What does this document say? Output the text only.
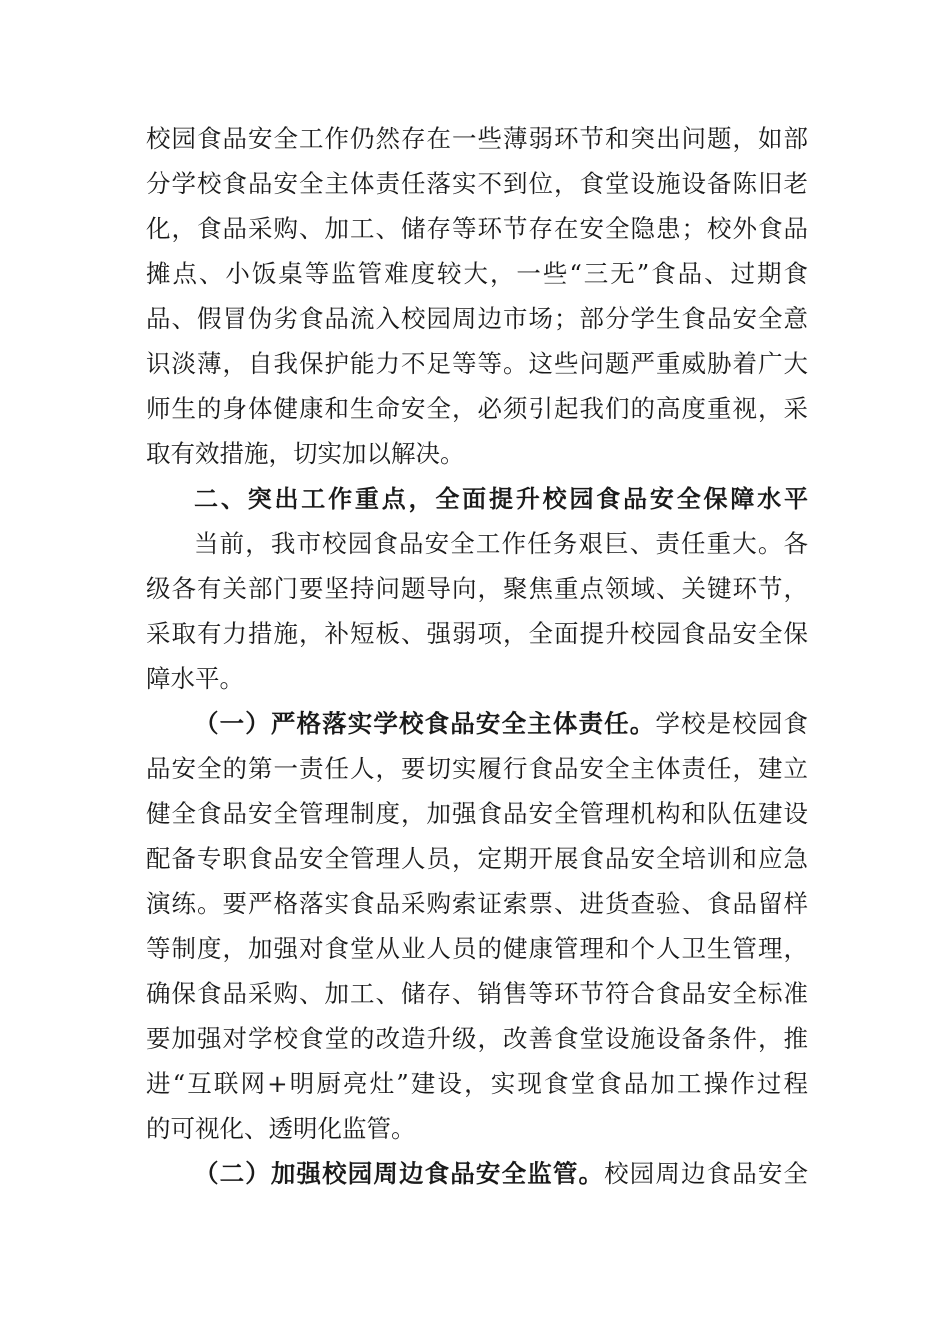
校园食品安全工作仍然存在一些薄弱环节和突出问题，如部
分学校食品安全主体责任落实不到位，食堂设施设备陈旧老
化，食品采购、加工、储存等环节存在安全隐患；校外食品
摊点、小饭桌等监管难度较大，一些“三无”食品、过期食
品、假冒伪劣食品流入校园周边市场；部分学生食品安全意
识淡薄，自我保护能力不足等等。这些问题严重威胁着广大
师生的身体健康和生命安全，必须引起我们的高度重视，采
取有效措施，切实加以解决。
二、突出工作重点，全面提升校园食品安全保障水平
当前，我市校园食品安全工作任务艰巨、责任重大。各
级各有关部门要坚持问题导向，聚焦重点领域、关键环节，
采取有力措施，补短板、强弱项，全面提升校园食品安全保
障水平。
（一）严格落实学校食品安全主体责任。学校是校园食
品安全的第一责任人，要切实履行食品安全主体责任，建立
健全食品安全管理制度，加强食品安全管理机构和队伍建设
配备专职食品安全管理人员，定期开展食品安全培训和应急
演练。要严格落实食品采购索证索票、进货查验、食品留样
等制度，加强对食堂从业人员的健康管理和个人卫生管理，
确保食品采购、加工、储存、销售等环节符合食品安全标准
要加强对学校食堂的改造升级，改善食堂设施设备条件，推
进“互联网+明厨亮灶”建设，实现食堂食品加工操作过程
的可视化、透明化监管。
（二）加强校园周边食品安全监管。校园周边食品安全
